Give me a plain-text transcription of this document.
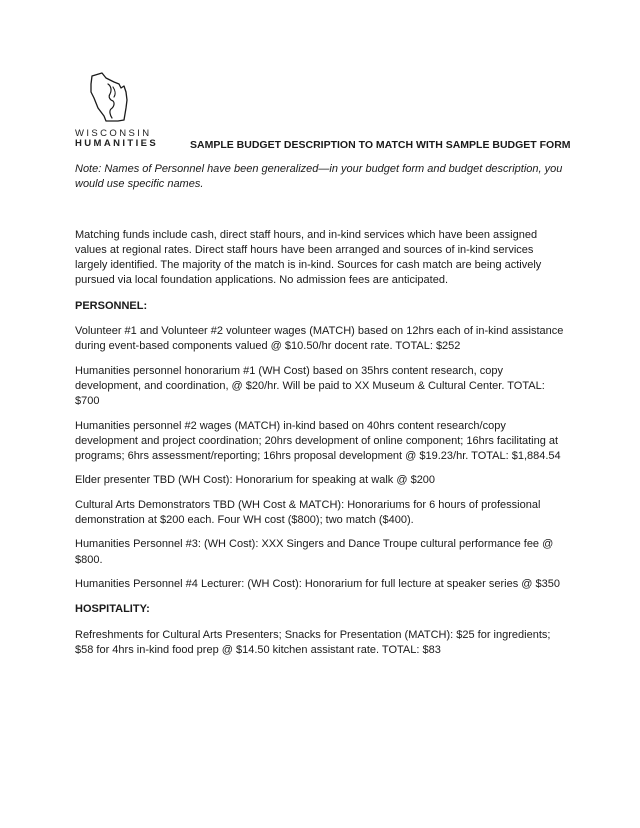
WISCONSIN
HUMANITIES	SAMPLE BUDGET DESCRIPTION TO MATCH WITH SAMPLE BUDGET FORM

Note: Names of Personnel have been generalized—in your budget form and budget description, you would use specific names.

Matching funds include cash, direct staff hours, and in-kind services which have been assigned values at regional rates. Direct staff hours have been arranged and sources of in-kind services largely identified. The majority of the match is in-kind. Sources for cash match are being actively pursued via local foundation applications. No admission fees are anticipated.

PERSONNEL:

Volunteer #1 and Volunteer #2 volunteer wages (MATCH) based on 12hrs each of in-kind assistance during event-based components valued @ $10.50/hr docent rate. TOTAL: $252

Humanities personnel honorarium #1 (WH Cost) based on 35hrs content research, copy development, and coordination, @ $20/hr. Will be paid to XX Museum & Cultural Center. TOTAL: $700

Humanities personnel #2 wages (MATCH) in-kind based on 40hrs content research/copy development and project coordination; 20hrs development of online component; 16hrs facilitating at programs; 6hrs assessment/reporting; 16hrs proposal development @ $19.23/hr. TOTAL: $1,884.54

Elder presenter TBD (WH Cost): Honorarium for speaking at walk @ $200

Cultural Arts Demonstrators TBD (WH Cost & MATCH): Honorariums for 6 hours of professional demonstration at $200 each. Four WH cost ($800); two match ($400).

Humanities Personnel #3: (WH Cost): XXX Singers and Dance Troupe cultural performance fee @ $800.

Humanities Personnel #4 Lecturer: (WH Cost): Honorarium for full lecture at speaker series @ $350

HOSPITALITY:

Refreshments for Cultural Arts Presenters; Snacks for Presentation (MATCH): $25 for ingredients; $58 for 4hrs in-kind food prep @ $14.50 kitchen assistant rate. TOTAL: $83
